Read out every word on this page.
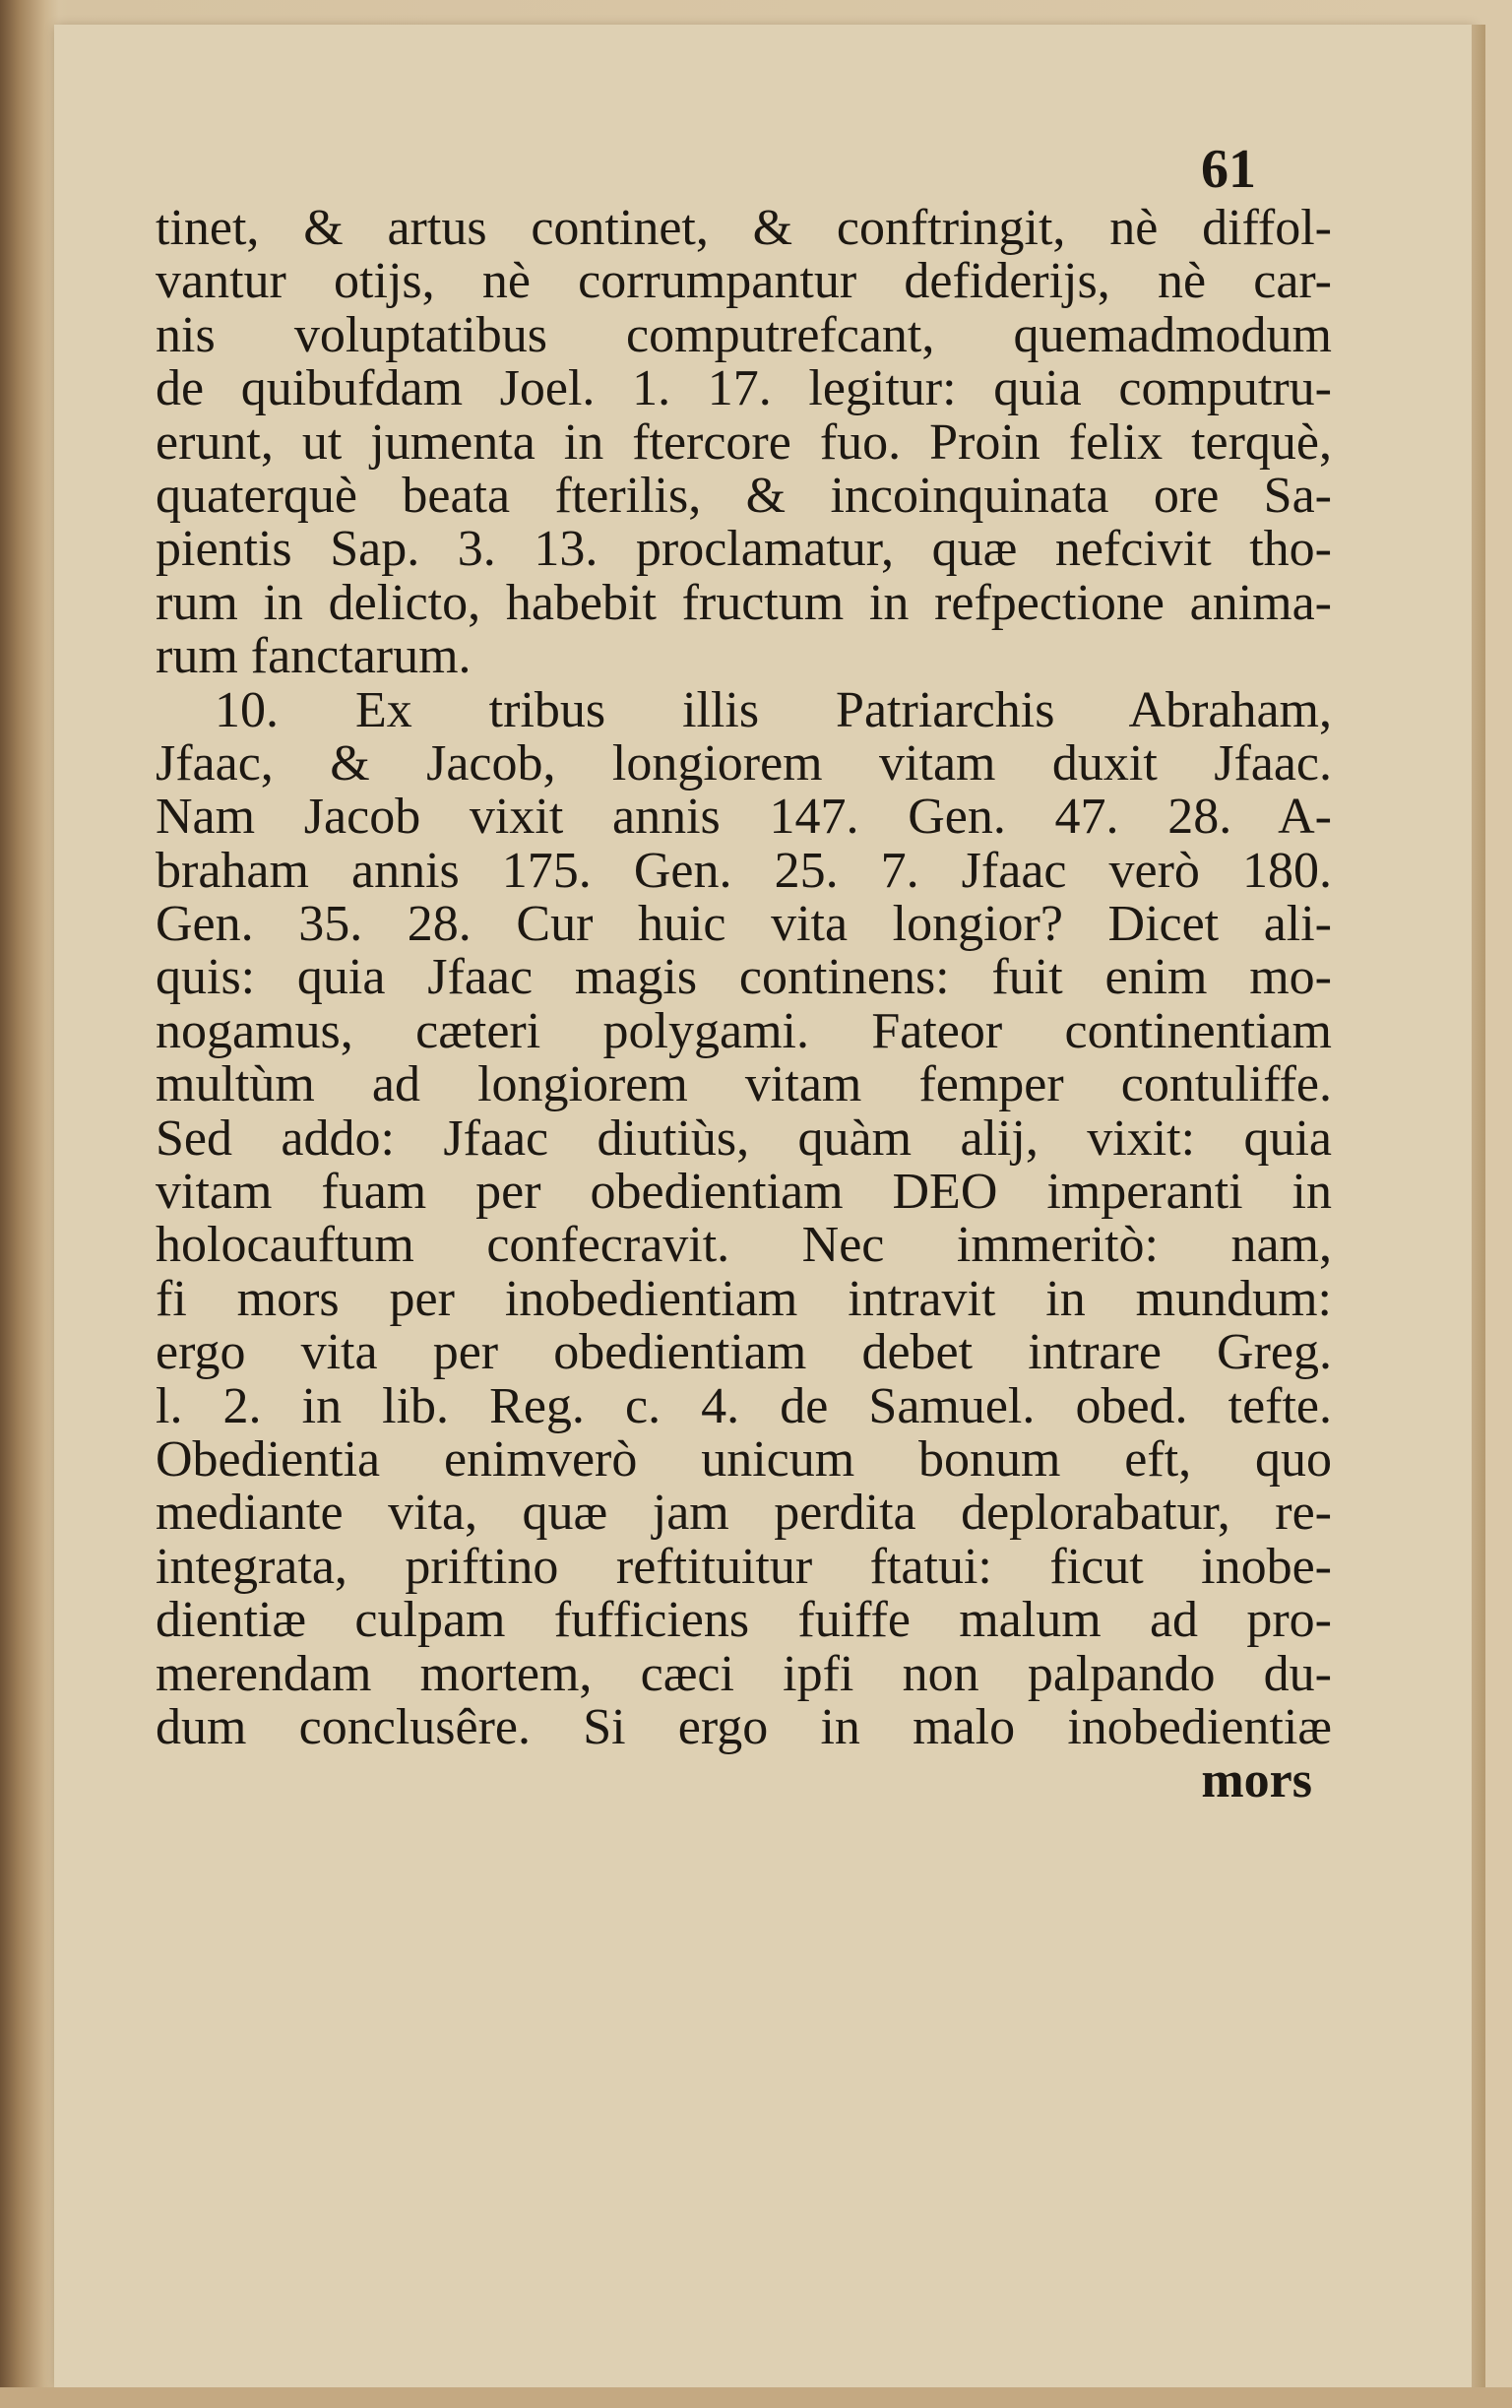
61
tinet, & artus continet, & conftringit, nè diffol-
vantur otijs, nè corrumpantur defiderijs, nè car-
nis voluptatibus computrefcant, quemadmodum
de quibufdam Joel. 1. 17. legitur: quia computru-
erunt, ut jumenta in ftercore fuo. Proin felix terquè,
quaterquè beata fterilis, & incoinquinata ore Sa-
pientis Sap. 3. 13. proclamatur, quæ nefcivit tho-
rum in delicto, habebit fructum in refpectione anima-
rum fanctarum.
10. Ex tribus illis Patriarchis Abraham,
Jfaac, & Jacob, longiorem vitam duxit Jfaac.
Nam Jacob vixit annis 147. Gen. 47. 28. A-
braham annis 175. Gen. 25. 7. Jfaac verò 180.
Gen. 35. 28. Cur huic vita longior? Dicet ali-
quis: quia Jfaac magis continens: fuit enim mo-
nogamus, cæteri polygami. Fateor continentiam
multùm ad longiorem vitam femper contuliffe.
Sed addo: Jfaac diutiùs, quàm alij, vixit: quia
vitam fuam per obedientiam DEO imperanti in
holocauftum confecravit. Nec immeritò: nam,
fi mors per inobedientiam intravit in mundum:
ergo vita per obedientiam debet intrare Greg.
l. 2. in lib. Reg. c. 4. de Samuel. obed. tefte.
Obedientia enimverò unicum bonum eft, quo
mediante vita, quæ jam perdita deplorabatur, re-
integrata, priftino reftituitur ftatui: ficut inobe-
dientiæ culpam fufficiens fuiffe malum ad pro-
merendam mortem, cæci ipfi non palpando du-
dum conclusêre. Si ergo in malo inobedientiæ
mors
